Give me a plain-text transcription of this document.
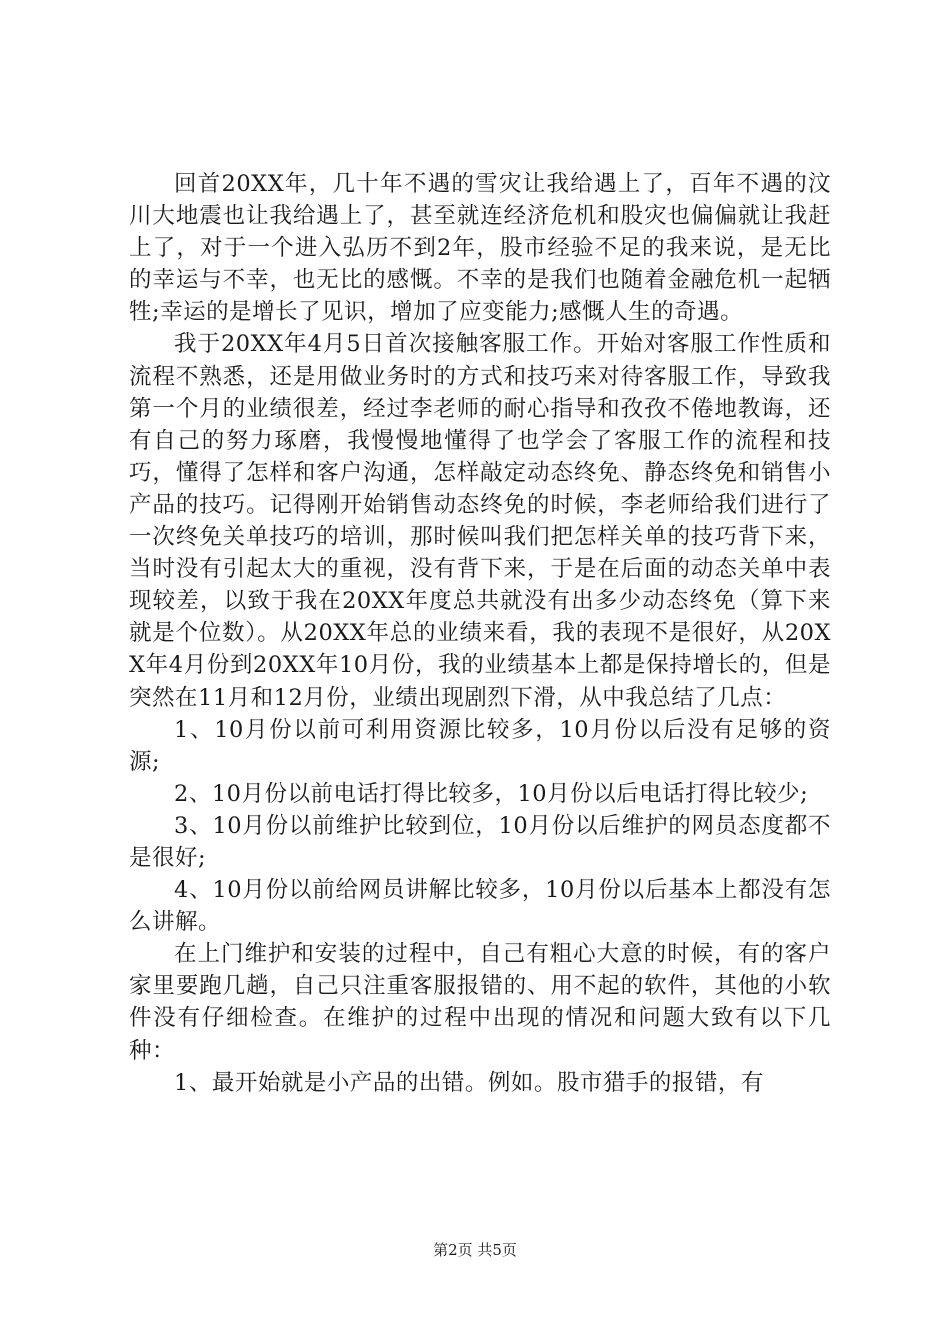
回首20XX年，几十年不遇的雪灾让我给遇上了，百年不遇的汶川大地震也让我给遇上了，甚至就连经济危机和股灾也偏偏就让我赶上了，对于一个进入弘历不到2年，股市经验不足的我来说，是无比的幸运与不幸，也无比的感慨。不幸的是我们也随着金融危机一起牺牲;幸运的是增长了见识，增加了应变能力;感慨人生的奇遇。

我于20XX年4月5日首次接触客服工作。开始对客服工作性质和流程不熟悉，还是用做业务时的方式和技巧来对待客服工作，导致我第一个月的业绩很差，经过李老师的耐心指导和孜孜不倦地教诲，还有自己的努力琢磨，我慢慢地懂得了也学会了客服工作的流程和技巧，懂得了怎样和客户沟通，怎样敲定动态终免、静态终免和销售小产品的技巧。记得刚开始销售动态终免的时候，李老师给我们进行了一次终免关单技巧的培训，那时候叫我们把怎样关单的技巧背下来，当时没有引起太大的重视，没有背下来，于是在后面的动态关单中表现较差，以致于我在20XX年度总共就没有出多少动态终免（算下来就是个位数）。从20XX年总的业绩来看，我的表现不是很好，从20XX年4月份到20XX年10月份，我的业绩基本上都是保持增长的，但是突然在11月和12月份，业绩出现剧烈下滑，从中我总结了几点：

1、10月份以前可利用资源比较多，10月份以后没有足够的资源;

2、10月份以前电话打得比较多，10月份以后电话打得比较少;

3、10月份以前维护比较到位，10月份以后维护的网员态度都不是很好;

4、10月份以前给网员讲解比较多，10月份以后基本上都没有怎么讲解。

在上门维护和安装的过程中，自己有粗心大意的时候，有的客户家里要跑几趟，自己只注重客服报错的、用不起的软件，其他的小软件没有仔细检查。在维护的过程中出现的情况和问题大致有以下几种：

1、最开始就是小产品的出错。例如。股市猎手的报错，有

第2页 共5页
